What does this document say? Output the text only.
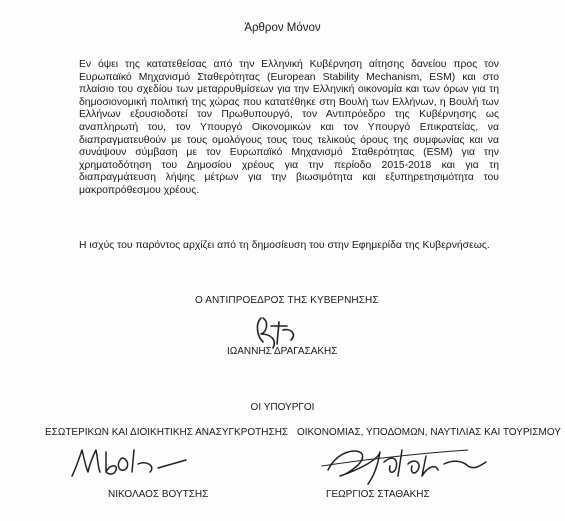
Άρθρον Μόνον

Εν όψει της κατατεθείσας από την Ελληνική Κυβέρνηση αίτησης δανείου προς τον Ευρωπαϊκό Μηχανισμό Σταθερότητας (European Stability Mechanism, ESM) και στο πλαίσιο του σχεδίου των μεταρρυθμίσεων για την Ελληνική οικονομία και των όρων για τη δημοσιονομική πολιτική της χώρας που κατατέθηκε στη Βουλή των Ελλήνων, η Βουλή των Ελλήνων εξουσιοδοτεί τον Πρωθυπουργό, τον Αντιπρόεδρο της Κυβέρνησης ως αναπληρωτή του, τον Υπουργό Οικονομικών και τον Υπουργό Επικρατείας, να διαπραγματευθούν με τους ομολόγους τους τους τελικούς όρους της συμφωνίας και να συνάψουν σύμβαση με τον Ευρωπαϊκό Μηχανισμό Σταθερότητας (ESM) για την χρηματοδότηση του Δημοσίου χρέους για την περίοδο 2015-2018 και για τη διαπραγμάτευση λήψης μέτρων για την βιωσιμότητα και εξυπηρετησιμότητα του μακροπρόθεσμου χρέους.

Η ισχύς του παρόντος αρχίζει από τη δημοσίευση του στην Εφημερίδα της Κυβερνήσεως.

Ο ΑΝΤΙΠΡΟΕΔΡΟΣ ΤΗΣ ΚΥΒΕΡΝΗΣΗΣ
ΙΩΑΝΝΗΣ ΔΡΑΓΑΣΑΚΗΣ
ΟΙ ΥΠΟΥΡΓΟΙ
ΕΣΩΤΕΡΙΚΩΝ ΚΑΙ ΔΙΟΙΚΗΤΙΚΗΣ ΑΝΑΣΥΓΚΡΟΤΗΣΗΣ ΟΙΚΟΝΟΜΙΑΣ, ΥΠΟΔΟΜΩΝ, ΝΑΥΤΙΛΙΑΣ ΚΑΙ ΤΟΥΡΙΣΜΟΥ
ΝΙΚΟΛΑΟΣ ΒΟΥΤΣΗΣ	ΓΕΩΡΓΙΟΣ ΣΤΑΘΑΚΗΣ
